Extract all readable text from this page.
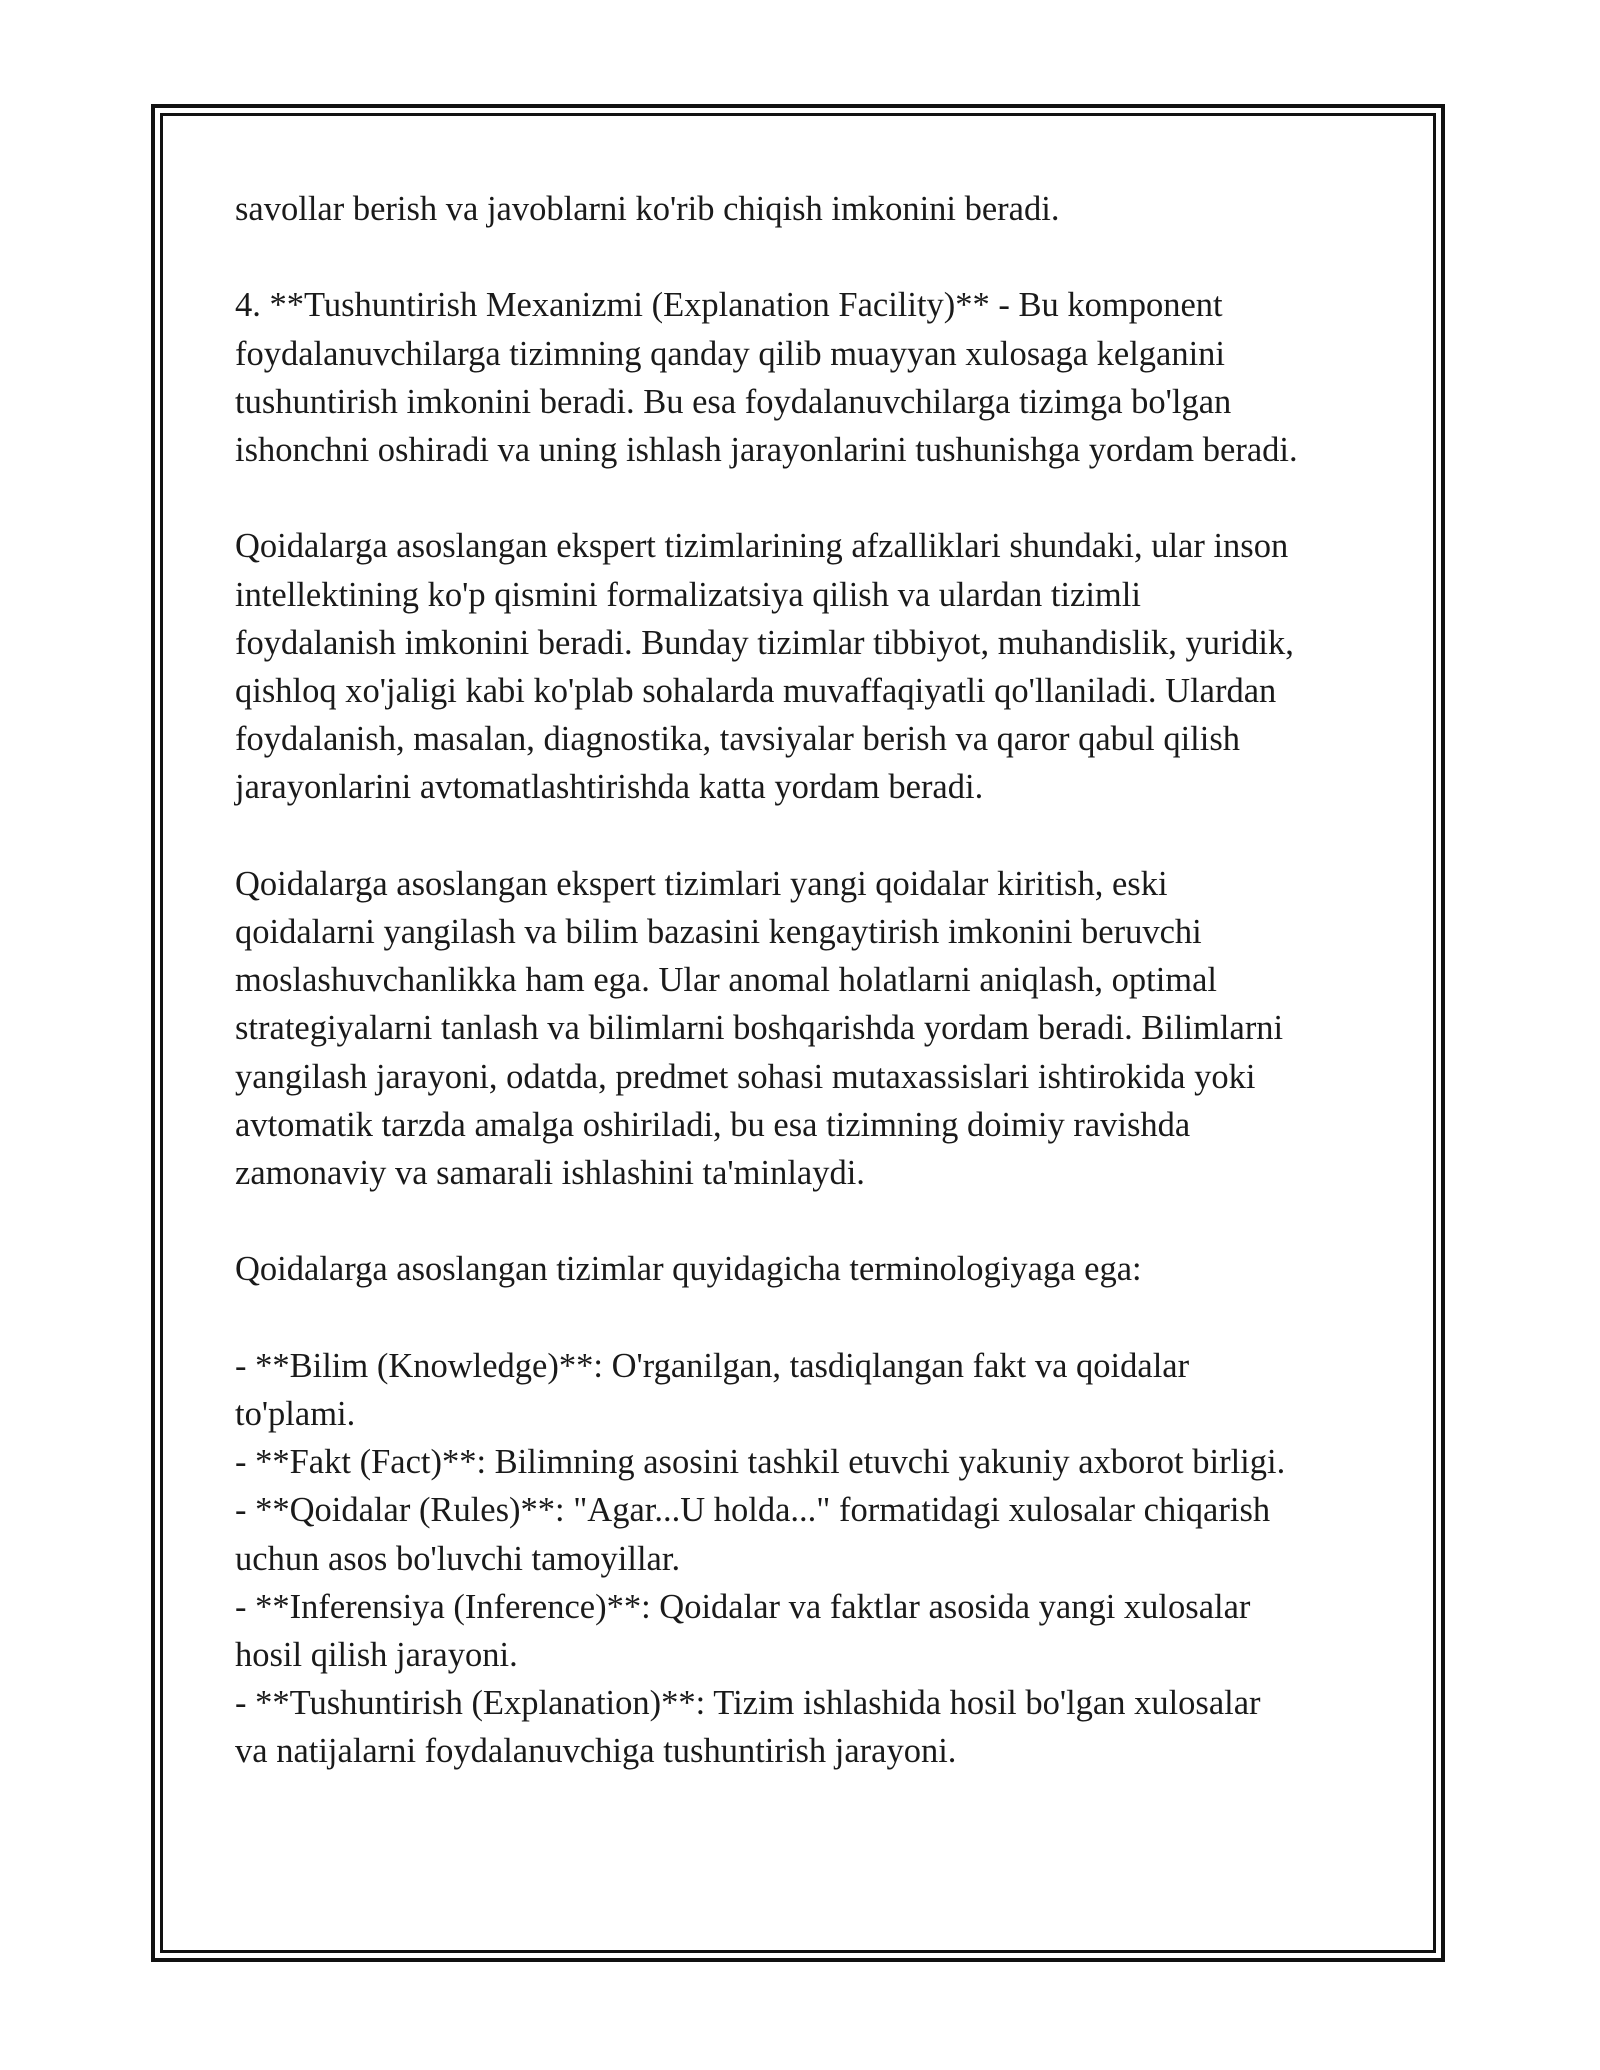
savollar berish va javoblarni ko'rib chiqish imkonini beradi.

4. **Tushuntirish Mexanizmi (Explanation Facility)** - Bu komponent
foydalanuvchilarga tizimning qanday qilib muayyan xulosaga kelganini
tushuntirish imkonini beradi. Bu esa foydalanuvchilarga tizimga bo'lgan
ishonchni oshiradi va uning ishlash jarayonlarini tushunishga yordam beradi.

Qoidalarga asoslangan ekspert tizimlarining afzalliklari shundaki, ular inson
intellektining ko'p qismini formalizatsiya qilish va ulardan tizimli
foydalanish imkonini beradi. Bunday tizimlar tibbiyot, muhandislik, yuridik,
qishloq xo'jaligi kabi ko'plab sohalarda muvaffaqiyatli qo'llaniladi. Ulardan
foydalanish, masalan, diagnostika, tavsiyalar berish va qaror qabul qilish
jarayonlarini avtomatlashtirishda katta yordam beradi.

Qoidalarga asoslangan ekspert tizimlari yangi qoidalar kiritish, eski
qoidalarni yangilash va bilim bazasini kengaytirish imkonini beruvchi
moslashuvchanlikka ham ega. Ular anomal holatlarni aniqlash, optimal
strategiyalarni tanlash va bilimlarni boshqarishda yordam beradi. Bilimlarni
yangilash jarayoni, odatda, predmet sohasi mutaxassislari ishtirokida yoki
avtomatik tarzda amalga oshiriladi, bu esa tizimning doimiy ravishda
zamonaviy va samarali ishlashini ta'minlaydi.

Qoidalarga asoslangan tizimlar quyidagicha terminologiyaga ega:

- **Bilim (Knowledge)**: O'rganilgan, tasdiqlangan fakt va qoidalar
to'plami.
- **Fakt (Fact)**: Bilimning asosini tashkil etuvchi yakuniy axborot birligi.
- **Qoidalar (Rules)**: "Agar...U holda..." formatidagi xulosalar chiqarish
uchun asos bo'luvchi tamoyillar.
- **Inferensiya (Inference)**: Qoidalar va faktlar asosida yangi xulosalar
hosil qilish jarayoni.
- **Tushuntirish (Explanation)**: Tizim ishlashida hosil bo'lgan xulosalar
va natijalarni foydalanuvchiga tushuntirish jarayoni.
